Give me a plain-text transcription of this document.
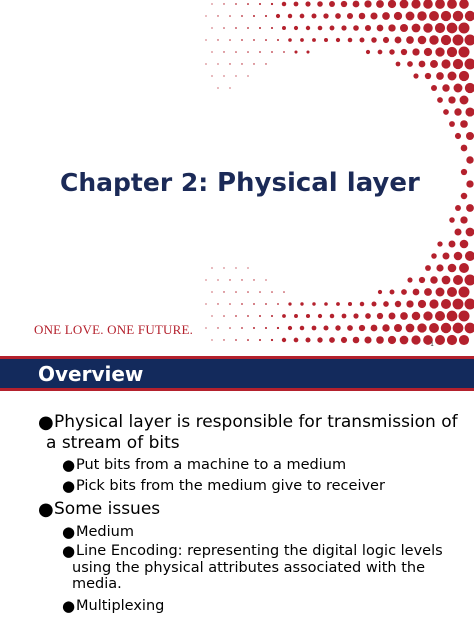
Chapter 2: Physical layer
ONE LOVE. ONE FUTURE.
1
Overview
● Physical layer is responsible for transmission of a stream of bits
● Put bits from a machine to a medium
● Pick bits from the medium give to receiver
● Some issues
● Medium
● Line Encoding: representing the digital logic levels using the physical attributes associated with the media.
● Multiplexing
